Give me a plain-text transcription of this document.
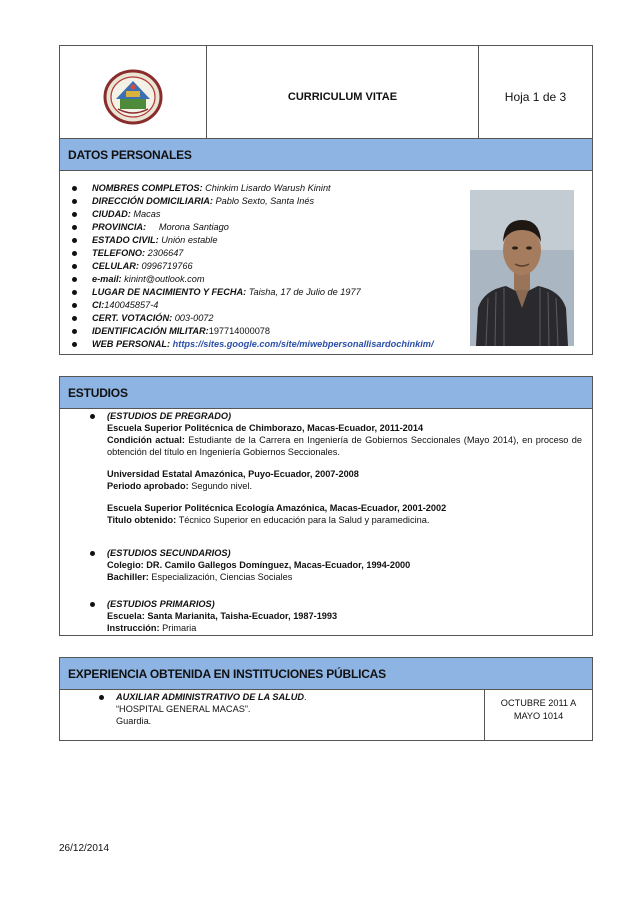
CURRICULUM VITAE	Hoja 1 de 3
DATOS PERSONALES
NOMBRES COMPLETOS: Chinkim Lisardo Warush Kinint
DIRECCIÓN DOMICILIARIA: Pablo Sexto, Santa Inés
CIUDAD: Macas
PROVINCIA:     Morona Santiago
ESTADO CIVIL: Unión estable
TELEFONO: 2306647
CELULAR: 0996719766
e-mail: kinint@outlook.com
LUGAR DE NACIMIENTO Y FECHA: Taisha, 17 de Julio de 1977
CI:140045857-4
CERT. VOTACIÓN: 003-0072
IDENTIFICACIÓN MILITAR:197714000078
WEB PERSONAL: https://sites.google.com/site/miwebpersonallisardochinkim/
ESTUDIOS

(ESTUDIOS DE PREGRADO)

Escuela Superior Politécnica de Chimborazo, Macas-Ecuador, 2011-2014

Condición actual: Estudiante de la Carrera en Ingeniería de Gobiernos Seccionales (Mayo 2014), en proceso de obtención del título en Ingeniería Gobiernos Seccionales.

Universidad Estatal Amazónica, Puyo-Ecuador, 2007-2008

Periodo aprobado: Segundo nivel.

Escuela Superior Politécnica Ecología Amazónica, Macas-Ecuador, 2001-2002

Titulo obtenido: Técnico Superior en educación para la Salud y paramedicina.

(ESTUDIOS SECUNDARIOS)

Colegio: DR. Camilo Gallegos Domínguez, Macas-Ecuador, 1994-2000

Bachiller: Especialización, Ciencias Sociales

(ESTUDIOS PRIMARIOS)

Escuela: Santa Marianita, Taisha-Ecuador, 1987-1993

Instrucción: Primaria

EXPERIENCIA OBTENIDA EN INSTITUCIONES PÚBLICAS
AUXILIAR ADMINISTRATIVO DE LA SALUD.
“HOSPITAL GENERAL MACAS”.
Guardia.
OCTUBRE 2011 A
MAYO 1014
26/12/2014
